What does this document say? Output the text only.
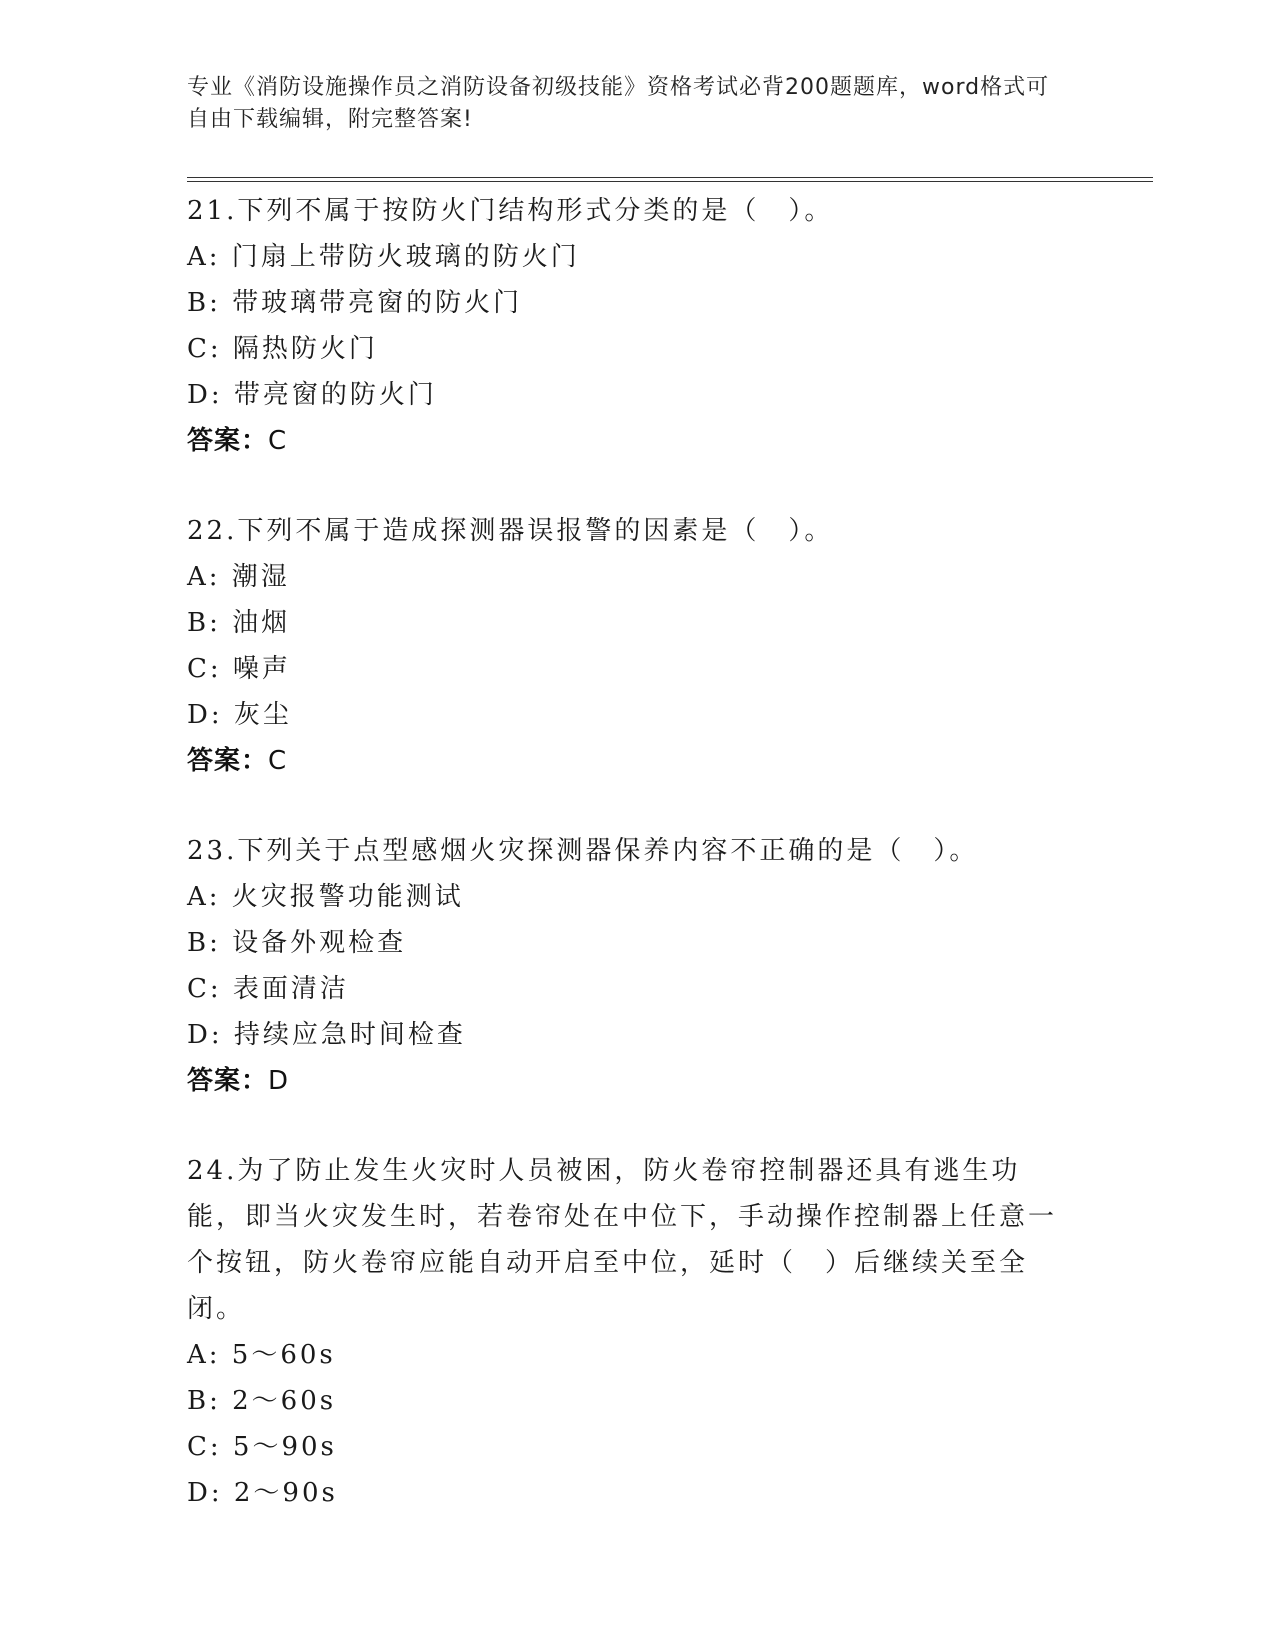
专业《消防设施操作员之消防设备初级技能》资格考试必背200题题库，word格式可自由下载编辑，附完整答案!
21.下列不属于按防火门结构形式分类的是（　）。
A: 门扇上带防火玻璃的防火门
B: 带玻璃带亮窗的防火门
C: 隔热防火门
D: 带亮窗的防火门
答案：C
22.下列不属于造成探测器误报警的因素是（　）。
A: 潮湿
B: 油烟
C: 噪声
D: 灰尘
答案：C
23.下列关于点型感烟火灾探测器保养内容不正确的是（　）。
A: 火灾报警功能测试
B: 设备外观检查
C: 表面清洁
D: 持续应急时间检查
答案：D
24.为了防止发生火灾时人员被困，防火卷帘控制器还具有逃生功能，即当火灾发生时，若卷帘处在中位下，手动操作控制器上任意一个按钮，防火卷帘应能自动开启至中位，延时（　）后继续关至全闭。
A: 5～60s
B: 2～60s
C: 5～90s
D: 2～90s
